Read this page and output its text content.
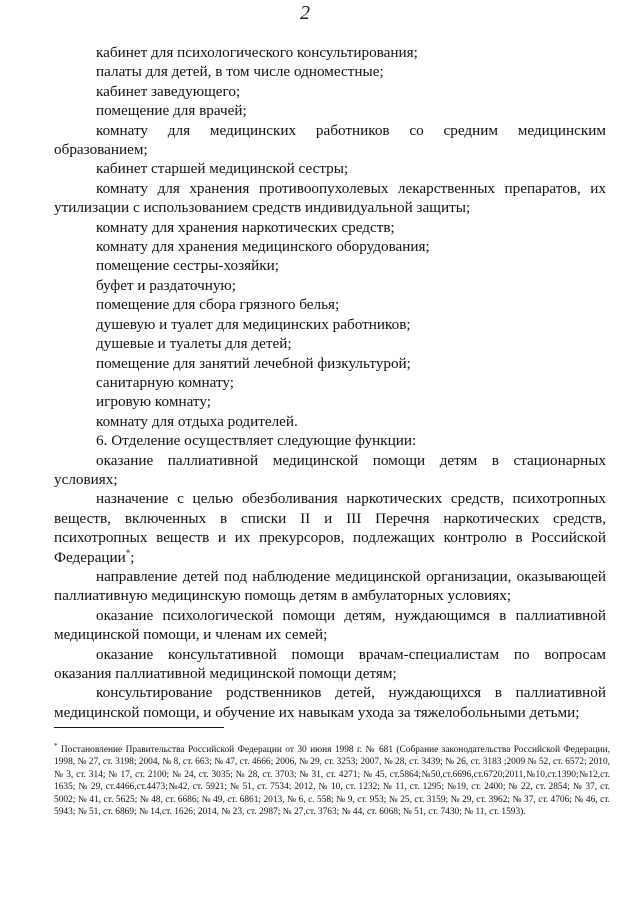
2

кабинет для психологического консультирования;

палаты для детей, в том числе одноместные;

кабинет заведующего;

помещение для врачей;

комнату для медицинских работников со средним медицинским образованием;

кабинет старшей медицинской сестры;

комнату для хранения противоопухолевых лекарственных препаратов, их утилизации с использованием средств индивидуальной защиты;

комнату для хранения наркотических средств;

комнату для хранения медицинского оборудования;

помещение сестры-хозяйки;

буфет и раздаточную;

помещение для сбора грязного белья;

душевую и туалет для медицинских работников;

душевые и туалеты для детей;

помещение для занятий лечебной физкультурой;

санитарную комнату;

игровую комнату;

комнату для отдыха родителей.

6. Отделение осуществляет следующие функции:

оказание паллиативной медицинской помощи детям в стационарных условиях;

назначение с целью обезболивания наркотических средств, психотропных веществ, включенных в списки II и III Перечня наркотических средств, психотропных веществ и их прекурсоров, подлежащих контролю в Российской Федерации*;

направление детей под наблюдение медицинской организации, оказывающей паллиативную медицинскую помощь детям в амбулаторных условиях;

оказание психологической помощи детям, нуждающимся в паллиативной медицинской помощи, и членам их семей;

оказание консультативной помощи врачам-специалистам по вопросам оказания паллиативной медицинской помощи детям;

консультирование родственников детей, нуждающихся в паллиативной медицинской помощи, и обучение их навыкам ухода за тяжелобольными детьми;

* Постановление Правительства Российской Федерации от 30 июня 1998 г. № 681 (Собрание законодательства Российской Федерации, 1998, № 27, ст. 3198; 2004, № 8, ст. 663; № 47, ст. 4666; 2006, № 29, ст. 3253; 2007, № 28, ст. 3439; № 26, ст. 3183 ;2009 № 52, ст. 6572; 2010, № 3, ст. 314; № 17, ст. 2100; № 24, ст. 3035; № 28, ст. 3703; № 31, ст. 4271; № 45, ст.5864;№50,ст.6696,ст.6720;2011,№10,ст.1390;№12,ст. 1635; № 29, ст.4466,ст.4473;№42, ст. 5921; № 51, ст. 7534; 2012, № 10, ст. 1232; № 11, ст. 1295; №19, ст. 2400; № 22, ст. 2854; № 37, ст. 5002; № 41, ст. 5625; № 48, ст. 6686; № 49, ст. 6861; 2013, № 6, с. 558; № 9, ст. 953; № 25, ст. 3159; № 29, ст. 3962; № 37, ст. 4706; № 46, ст. 5943; № 51, ст. 6869; № 14,ст. 1626; 2014, № 23, ст. 2987; № 27,ст. 3763; № 44, ст. 6068; № 51, ст. 7430; № 11, ст. 1593).
